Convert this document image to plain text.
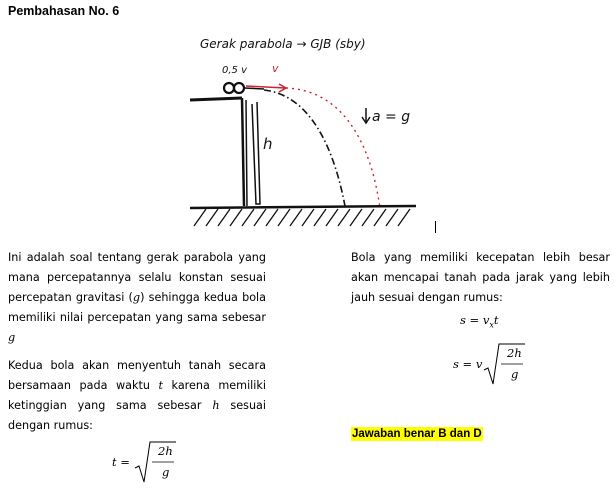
Pembahasan No. 6
Gerak parabola → GJB (sby)
0,5 v v
h
a = g

Ini adalah soal tentang gerak parabola yang mana percepatannya selalu konstan sesuai percepatan gravitasi (g) sehingga kedua bola memiliki nilai percepatan yang sama sebesar g

Kedua bola akan menyentuh tanah secara bersamaan pada waktu t karena memiliki ketinggian yang sama sebesar h sesuai dengan rumus:

t =
2h
g

Bola yang memiliki kecepatan lebih besar akan mencapai tanah pada jarak yang lebih jauh sesuai dengan rumus:

$s = v_xt$
s = v
2h
g
Jawaban benar B dan D
